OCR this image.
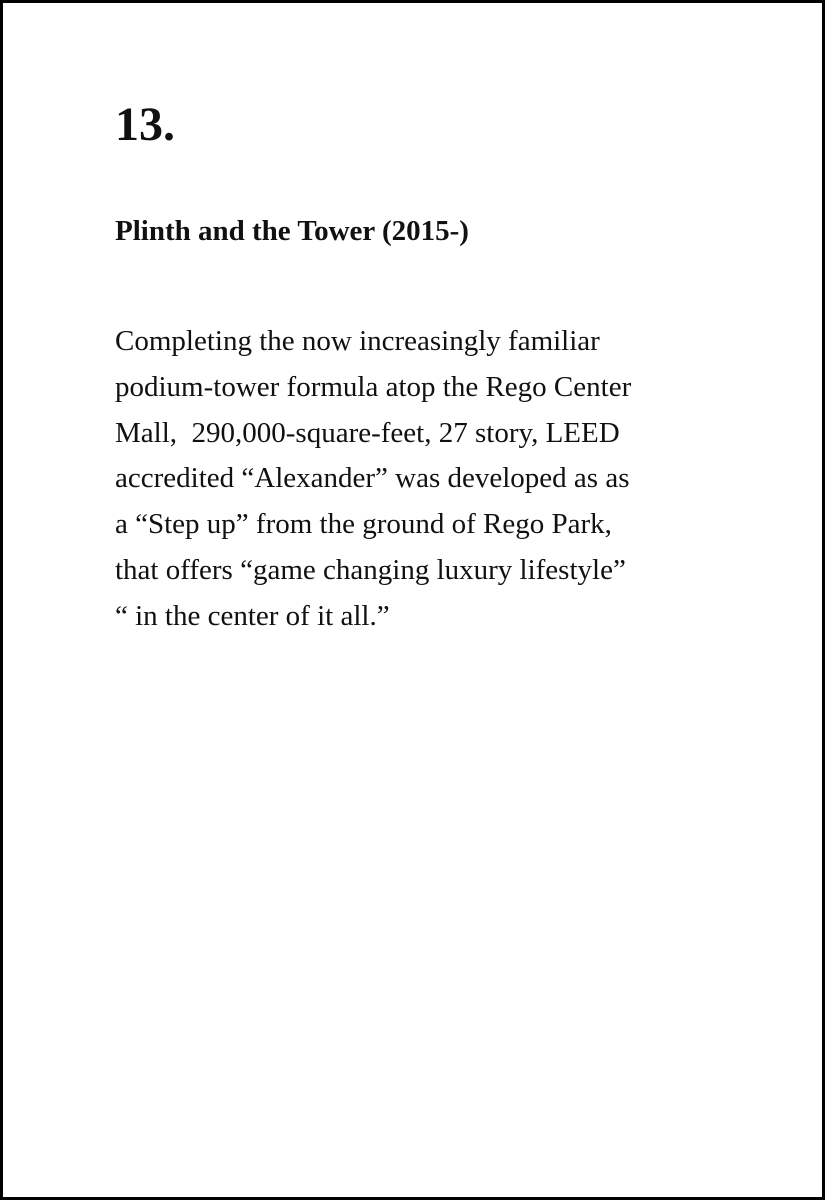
13.
Plinth and the Tower (2015-)

Completing the now increasingly familiar
podium-tower formula atop the Rego Center
Mall,  290,000-square-feet, 27 story, LEED
accredited “Alexander” was developed as as
a “Step up” from the ground of Rego Park,
that offers “game changing luxury lifestyle”
“ in the center of it all.”
